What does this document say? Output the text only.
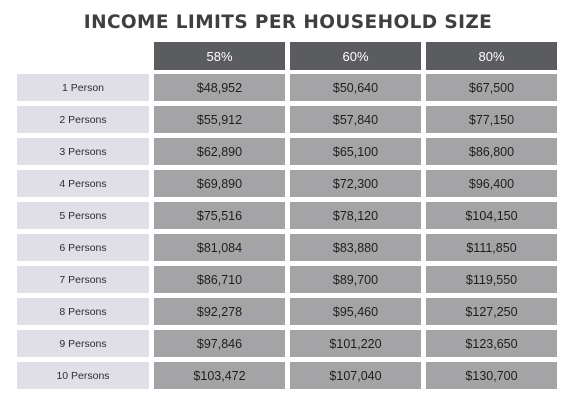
INCOME LIMITS PER HOUSEHOLD SIZE
58%	60%	80%
1 Person	$48,952	$50,640	$67,500
2 Persons	$55,912	$57,840	$77,150
3 Persons	$62,890	$65,100	$86,800
4 Persons	$69,890	$72,300	$96,400
5 Persons	$75,516	$78,120	$104,150
6 Persons	$81,084	$83,880	$111,850
7 Persons	$86,710	$89,700	$119,550
8 Persons	$92,278	$95,460	$127,250
9 Persons	$97,846	$101,220	$123,650
10 Persons	$103,472	$107,040	$130,700
